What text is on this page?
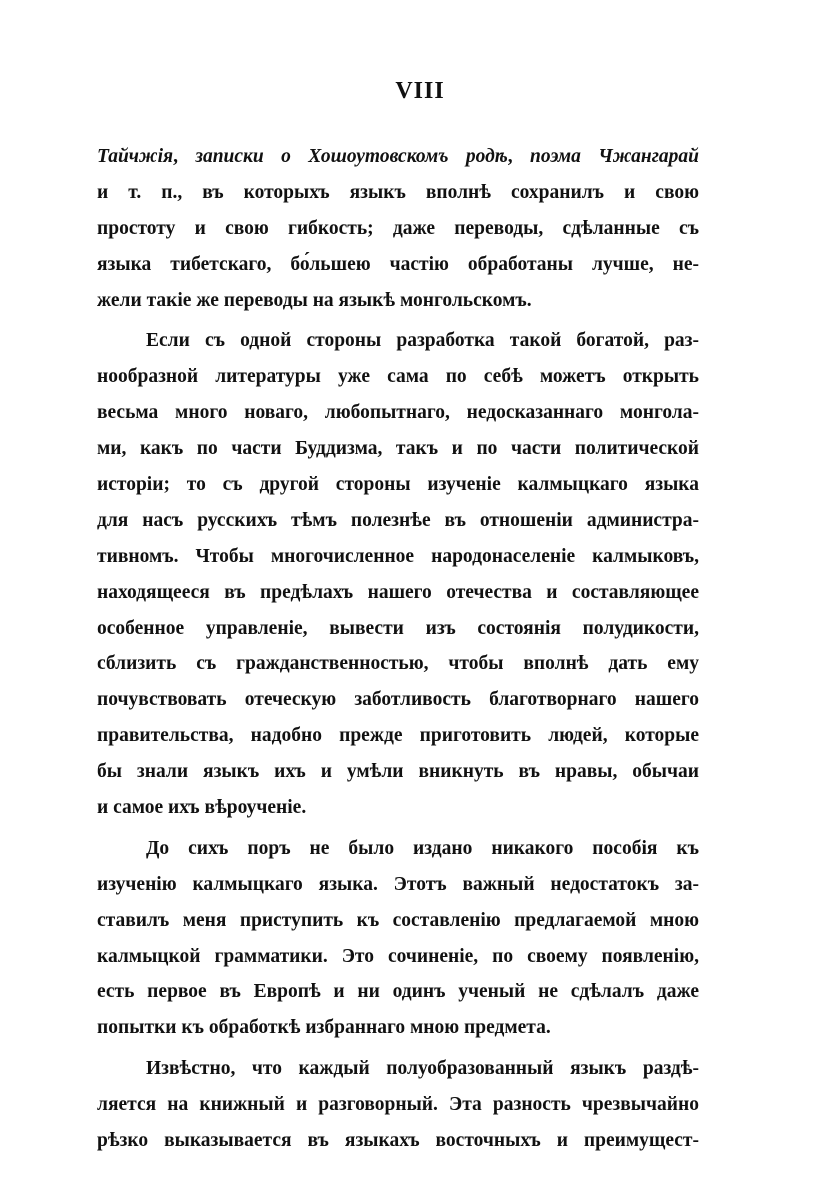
VIII
Тайчжія, записки о Хошоутовскомъ родѣ, поэма Чжангарай
и т. п., въ которыхъ языкъ вполнѣ сохранилъ и свою
простоту и свою гибкость; даже переводы, сдѣланные съ
языка тибетскаго, бо́льшею частію обработаны лучше, не-
жели такіе же переводы на языкѣ монгольскомъ.
Если съ одной стороны разработка такой богатой, раз-
нообразной литературы уже сама по себѣ можетъ открыть
весьма много новаго, любопытнаго, недосказаннаго монгола-
ми, какъ по части Буддизма, такъ и по части политической
исторіи; то съ другой стороны изученіе калмыцкаго языка
для насъ русскихъ тѣмъ полезнѣе въ отношеніи администра-
тивномъ. Чтобы многочисленное народонаселеніе калмыковъ,
находящееся въ предѣлахъ нашего отечества и составляющее
особенное управленіе, вывести изъ состоянія полудикости,
сблизить съ гражданственностью, чтобы вполнѣ дать ему
почувствовать отеческую заботливость благотворнаго нашего
правительства, надобно прежде приготовить людей, которые
бы знали языкъ ихъ и умѣли вникнуть въ нравы, обычаи
и самое ихъ вѣроученіе.
До сихъ поръ не было издано никакого пособія къ
изученію калмыцкаго языка. Этотъ важный недостатокъ за-
ставилъ меня приступить къ составленію предлагаемой мною
калмыцкой грамматики. Это сочиненіе, по своему появленію,
есть первое въ Европѣ и ни одинъ ученый не сдѣлалъ даже
попытки къ обработкѣ избраннаго мною предмета.
Извѣстно, что каждый полуобразованный языкъ раздѣ-
ляется на книжный и разговорный. Эта разность чрезвычайно
рѣзко выказывается въ языкахъ восточныхъ и преимущест-
